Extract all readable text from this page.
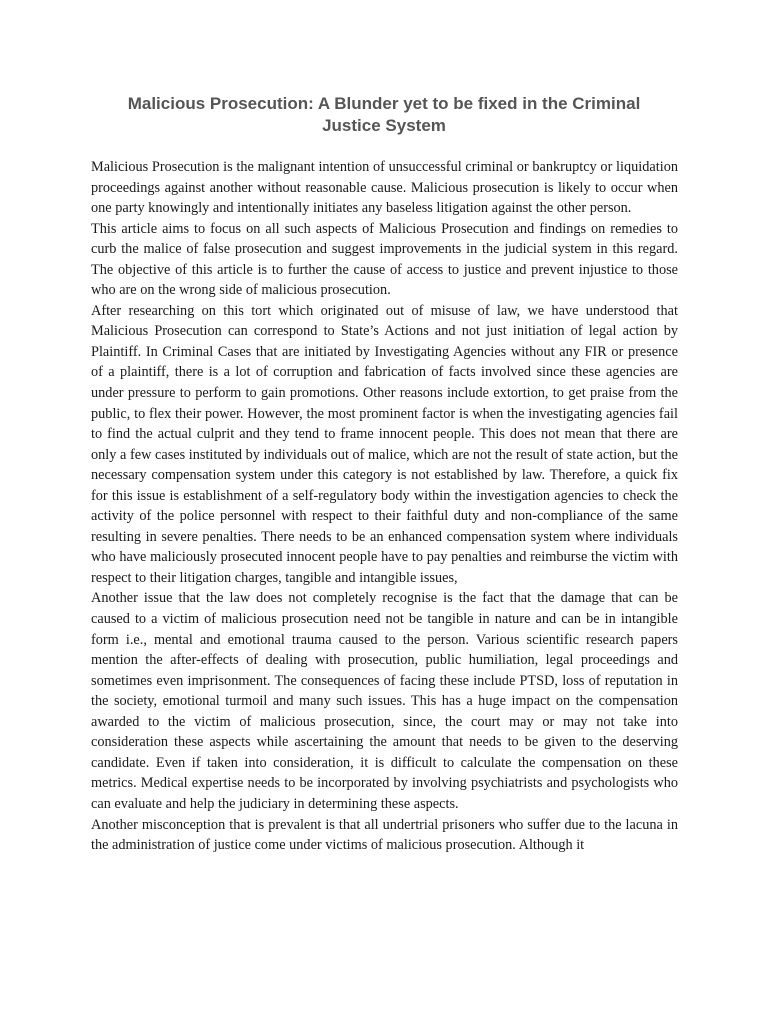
Malicious Prosecution: A Blunder yet to be fixed in the Criminal Justice System

Malicious Prosecution is the malignant intention of unsuccessful criminal or bankruptcy or liquidation proceedings against another without reasonable cause. Malicious prosecution is likely to occur when one party knowingly and intentionally initiates any baseless litigation against the other person.

This article aims to focus on all such aspects of Malicious Prosecution and findings on remedies to curb the malice of false prosecution and suggest improvements in the judicial system in this regard. The objective of this article is to further the cause of access to justice and prevent injustice to those who are on the wrong side of malicious prosecution.

After researching on this tort which originated out of misuse of law, we have understood that Malicious Prosecution can correspond to State’s Actions and not just initiation of legal action by Plaintiff. In Criminal Cases that are initiated by Investigating Agencies without any FIR or presence of a plaintiff, there is a lot of corruption and fabrication of facts involved since these agencies are under pressure to perform to gain promotions. Other reasons include extortion, to get praise from the public, to flex their power. However, the most prominent factor is when the investigating agencies fail to find the actual culprit and they tend to frame innocent people. This does not mean that there are only a few cases instituted by individuals out of malice, which are not the result of state action, but the necessary compensation system under this category is not established by law. Therefore, a quick fix for this issue is establishment of a self-regulatory body within the investigation agencies to check the activity of the police personnel with respect to their faithful duty and non-compliance of the same resulting in severe penalties. There needs to be an enhanced compensation system where individuals who have maliciously prosecuted innocent people have to pay penalties and reimburse the victim with respect to their litigation charges, tangible and intangible issues,

Another issue that the law does not completely recognise is the fact that the damage that can be caused to a victim of malicious prosecution need not be tangible in nature and can be in intangible form i.e., mental and emotional trauma caused to the person. Various scientific research papers mention the after-effects of dealing with prosecution, public humiliation, legal proceedings and sometimes even imprisonment. The consequences of facing these include PTSD, loss of reputation in the society, emotional turmoil and many such issues. This has a huge impact on the compensation awarded to the victim of malicious prosecution, since, the court may or may not take into consideration these aspects while ascertaining the amount that needs to be given to the deserving candidate. Even if taken into consideration, it is difficult to calculate the compensation on these metrics. Medical expertise needs to be incorporated by involving psychiatrists and psychologists who can evaluate and help the judiciary in determining these aspects.

Another misconception that is prevalent is that all undertrial prisoners who suffer due to the lacuna in the administration of justice come under victims of malicious prosecution. Although it
